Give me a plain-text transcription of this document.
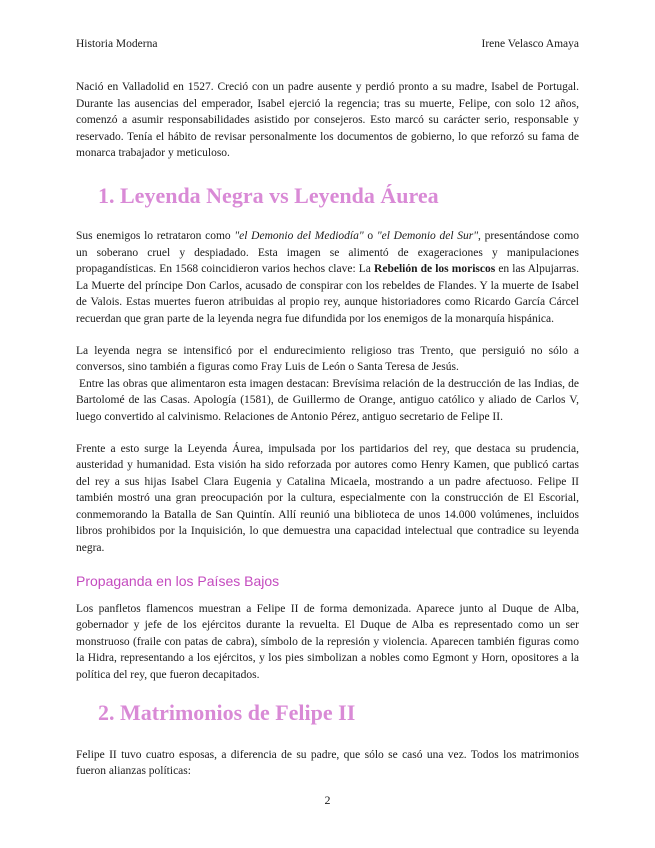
Historia Moderna	Irene Velasco Amaya

Nació en Valladolid en 1527. Creció con un padre ausente y perdió pronto a su madre, Isabel de Portugal. Durante las ausencias del emperador, Isabel ejerció la regencia; tras su muerte, Felipe, con solo 12 años, comenzó a asumir responsabilidades asistido por consejeros. Esto marcó su carácter serio, responsable y reservado. Tenía el hábito de revisar personalmente los documentos de gobierno, lo que reforzó su fama de monarca trabajador y meticuloso.

1. Leyenda Negra vs Leyenda Áurea

Sus enemigos lo retrataron como "el Demonio del Mediodía" o "el Demonio del Sur", presentándose como un soberano cruel y despiadado. Esta imagen se alimentó de exageraciones y manipulaciones propagandísticas. En 1568 coincidieron varios hechos clave: La Rebelión de los moriscos en las Alpujarras. La Muerte del príncipe Don Carlos, acusado de conspirar con los rebeldes de Flandes. Y la muerte de Isabel de Valois. Estas muertes fueron atribuidas al propio rey, aunque historiadores como Ricardo García Cárcel recuerdan que gran parte de la leyenda negra fue difundida por los enemigos de la monarquía hispánica.

La leyenda negra se intensificó por el endurecimiento religioso tras Trento, que persiguió no sólo a conversos, sino también a figuras como Fray Luis de León o Santa Teresa de Jesús.

Entre las obras que alimentaron esta imagen destacan: Brevísima relación de la destrucción de las Indias, de Bartolomé de las Casas. Apología (1581), de Guillermo de Orange, antiguo católico y aliado de Carlos V, luego convertido al calvinismo. Relaciones de Antonio Pérez, antiguo secretario de Felipe II.

Frente a esto surge la Leyenda Áurea, impulsada por los partidarios del rey, que destaca su prudencia, austeridad y humanidad. Esta visión ha sido reforzada por autores como Henry Kamen, que publicó cartas del rey a sus hijas Isabel Clara Eugenia y Catalina Micaela, mostrando a un padre afectuoso. Felipe II también mostró una gran preocupación por la cultura, especialmente con la construcción de El Escorial, conmemorando la Batalla de San Quintín. Allí reunió una biblioteca de unos 14.000 volúmenes, incluidos libros prohibidos por la Inquisición, lo que demuestra una capacidad intelectual que contradice su leyenda negra.

Propaganda en los Países Bajos

Los panfletos flamencos muestran a Felipe II de forma demonizada. Aparece junto al Duque de Alba, gobernador y jefe de los ejércitos durante la revuelta. El Duque de Alba es representado como un ser monstruoso (fraile con patas de cabra), símbolo de la represión y violencia. Aparecen también figuras como la Hidra, representando a los ejércitos, y los pies simbolizan a nobles como Egmont y Horn, opositores a la política del rey, que fueron decapitados.

2. Matrimonios de Felipe II

Felipe II tuvo cuatro esposas, a diferencia de su padre, que sólo se casó una vez. Todos los matrimonios fueron alianzas políticas:

2
